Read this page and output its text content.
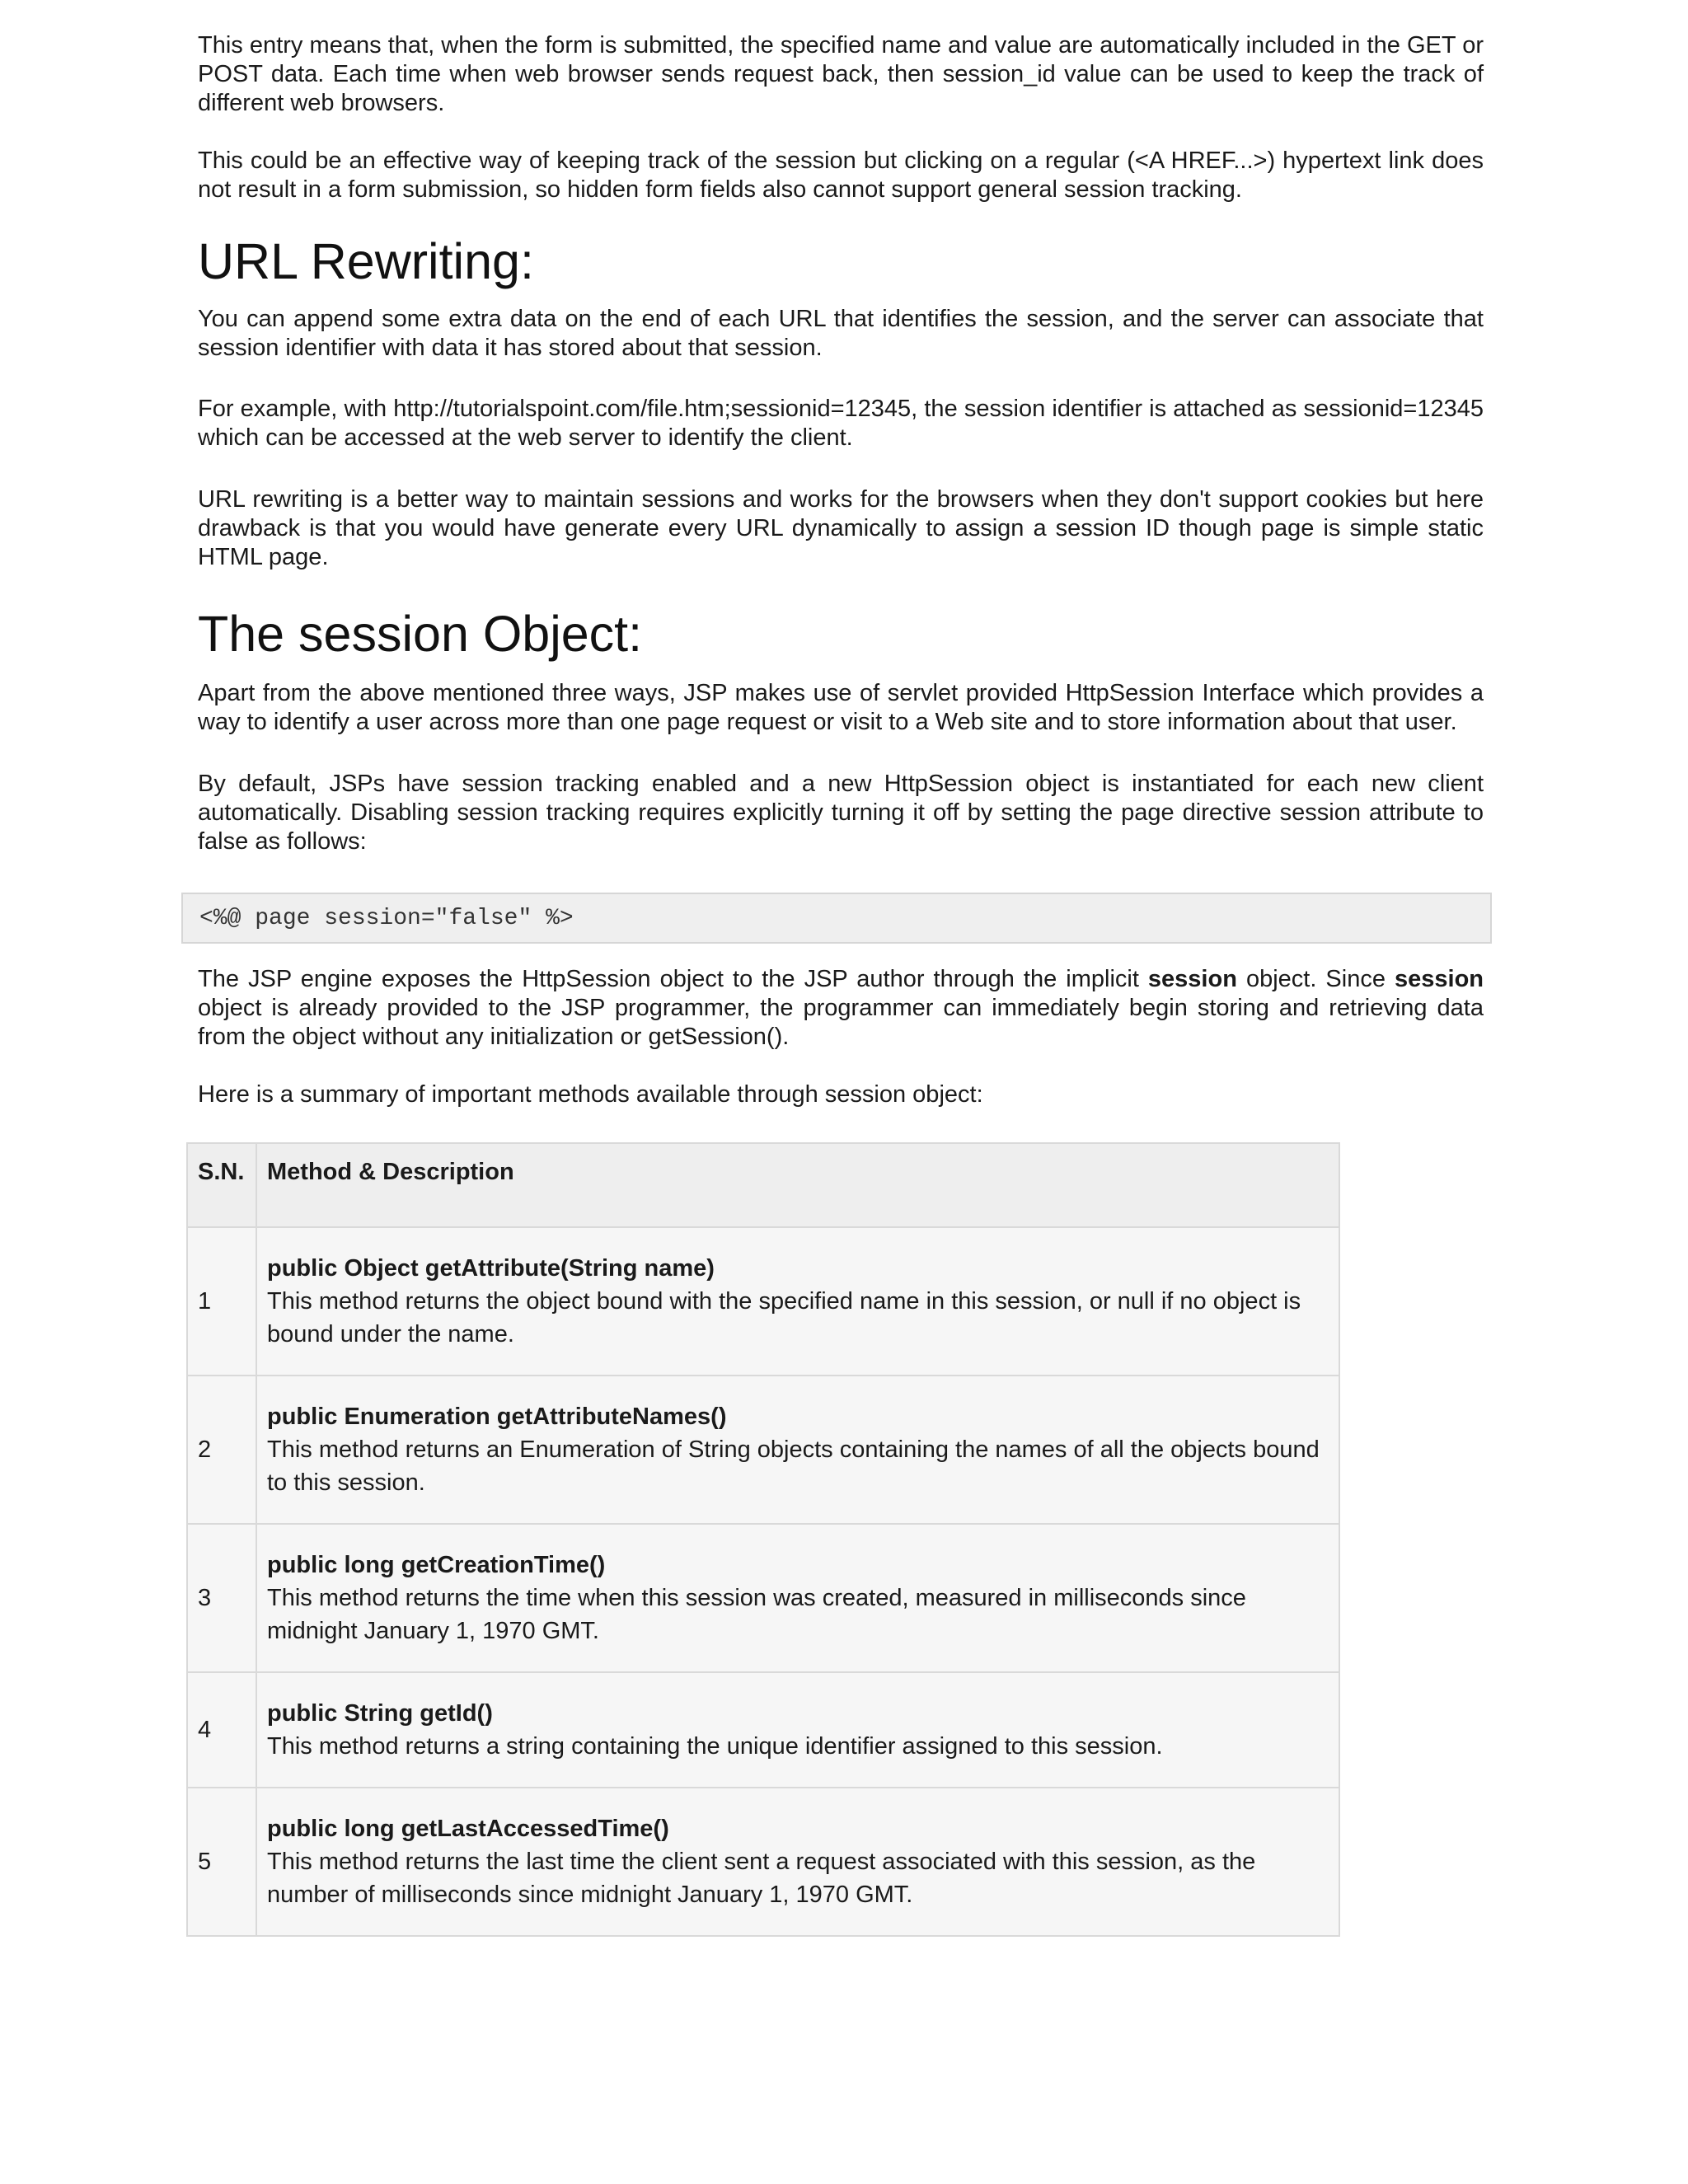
This entry means that, when the form is submitted, the specified name and value are automatically included in the GET or POST data. Each time when web browser sends request back, then session_id value can be used to keep the track of different web browsers.

This could be an effective way of keeping track of the session but clicking on a regular (<A HREF...>) hypertext link does not result in a form submission, so hidden form fields also cannot support general session tracking.

URL Rewriting:

You can append some extra data on the end of each URL that identifies the session, and the server can associate that session identifier with data it has stored about that session.

For example, with http://tutorialspoint.com/file.htm;sessionid=12345, the session identifier is attached as sessionid=12345 which can be accessed at the web server to identify the client.

URL rewriting is a better way to maintain sessions and works for the browsers when they don't support cookies but here drawback is that you would have generate every URL dynamically to assign a session ID though page is simple static HTML page.

The session Object:

Apart from the above mentioned three ways, JSP makes use of servlet provided HttpSession Interface which provides a way to identify a user across more than one page request or visit to a Web site and to store information about that user.

By default, JSPs have session tracking enabled and a new HttpSession object is instantiated for each new client automatically. Disabling session tracking requires explicitly turning it off by setting the page directive session attribute to false as follows:

<%@ page session="false" %>

The JSP engine exposes the HttpSession object to the JSP author through the implicit session object. Since session object is already provided to the JSP programmer, the programmer can immediately begin storing and retrieving data from the object without any initialization or getSession().

Here is a summary of important methods available through session object:

S.N.	Method & Description
1	public Object getAttribute(String name)
This method returns the object bound with the specified name in this session, or null if no object is bound under the name.

2	public Enumeration getAttributeNames()
This method returns an Enumeration of String objects containing the names of all the objects bound to this session.

3	public long getCreationTime()
This method returns the time when this session was created, measured in milliseconds since midnight January 1, 1970 GMT.

4	public String getId()
This method returns a string containing the unique identifier assigned to this session.

5	public long getLastAccessedTime()
This method returns the last time the client sent a request associated with this session, as the number of milliseconds since midnight January 1, 1970 GMT.
